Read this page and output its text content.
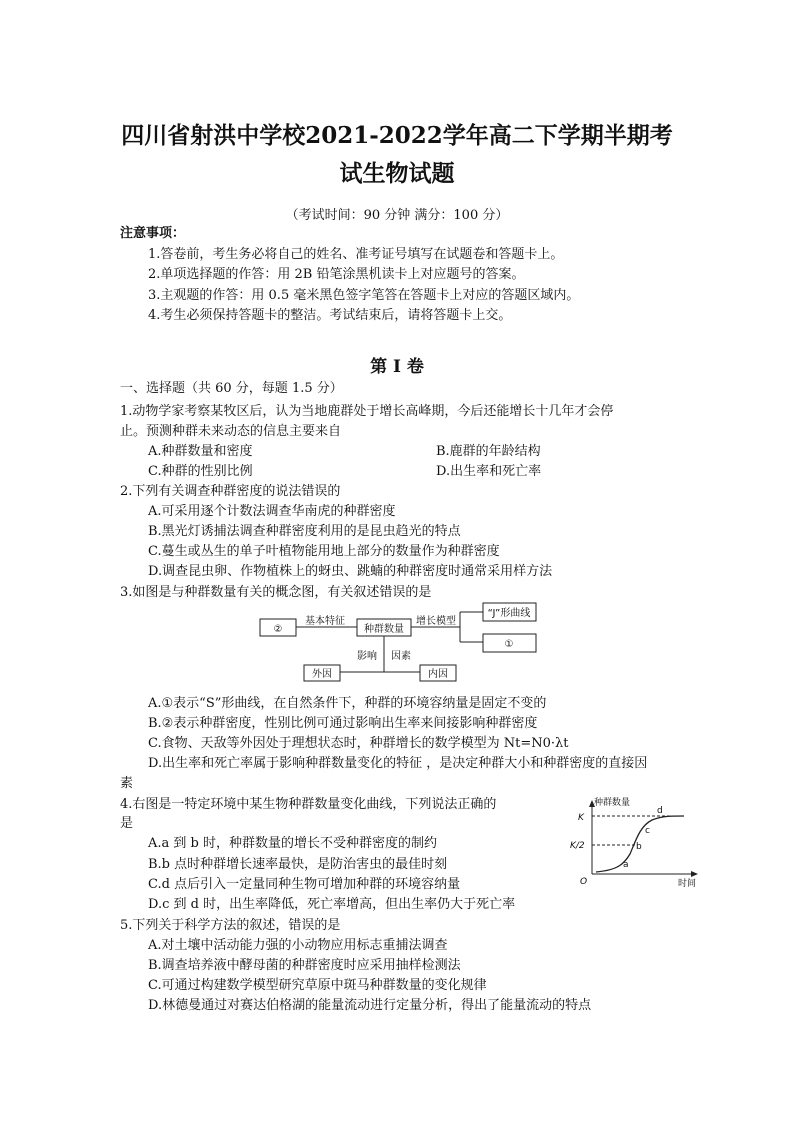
四川省射洪中学校2021-2022学年高二下学期半期考
试生物试题
（考试时间：90 分钟 满分：100 分）
注意事项：
1.答卷前，考生务必将自己的姓名、准考证号填写在试题卷和答题卡上。
2.单项选择题的作答：用 2B 铅笔涂黑机读卡上对应题号的答案。
3.主观题的作答：用 0.5 毫米黑色签字笔答在答题卡上对应的答题区域内。
4.考生必须保持答题卡的整洁。考试结束后，请将答题卡上交。
第 I 卷
一、选择题（共 60 分，每题 1.5 分）
1.动物学家考察某牧区后，认为当地鹿群处于增长高峰期，今后还能增长十几年才会停
止。预测种群未来动态的信息主要来自
A.种群数量和密度	B.鹿群的年龄结构
C.种群的性别比例	D.出生率和死亡率
2.下列有关调查种群密度的说法错误的
A.可采用逐个计数法调查华南虎的种群密度
B.黑光灯诱捕法调查种群密度利用的是昆虫趋光的特点
C.蔓生或丛生的单子叶植物能用地上部分的数量作为种群密度
D.调查昆虫卵、作物植株上的蚜虫、跳蝻的种群密度时通常采用样方法
3.如图是与种群数量有关的概念图，有关叙述错误的是
②
基本特征
种群数量
增长模型
“J”形曲线
①
影响 因素
外因	内因
A.①表示“S”形曲线，在自然条件下，种群的环境容纳量是固定不变的
B.②表示种群密度，性别比例可通过影响出生率来间接影响种群密度
C.食物、天敌等外因处于理想状态时，种群增长的数学模型为 Nt=N0·λt
D.出生率和死亡率属于影响种群数量变化的特征 ，是决定种群大小和种群密度的直接因
素
4.右图是一特定环境中某生物种群数量变化曲线，下列说法正确的
是
A.a 到 b 时，种群数量的增长不受种群密度的制约
B.b 点时种群增长速率最快，是防治害虫的最佳时刻
C.d 点后引入一定量同种生物可增加种群的环境容纳量
D.c 到 d 时，出生率降低，死亡率增高，但出生率仍大于死亡率
种群数量
时间
O
K
K/2
a
b
c
d
5.下列关于科学方法的叙述，错误的是
A.对土壤中活动能力强的小动物应用标志重捕法调查
B.调查培养液中酵母菌的种群密度时应采用抽样检测法
C.可通过构建数学模型研究草原中斑马种群数量的变化规律
D.林德曼通过对赛达伯格湖的能量流动进行定量分析，得出了能量流动的特点
